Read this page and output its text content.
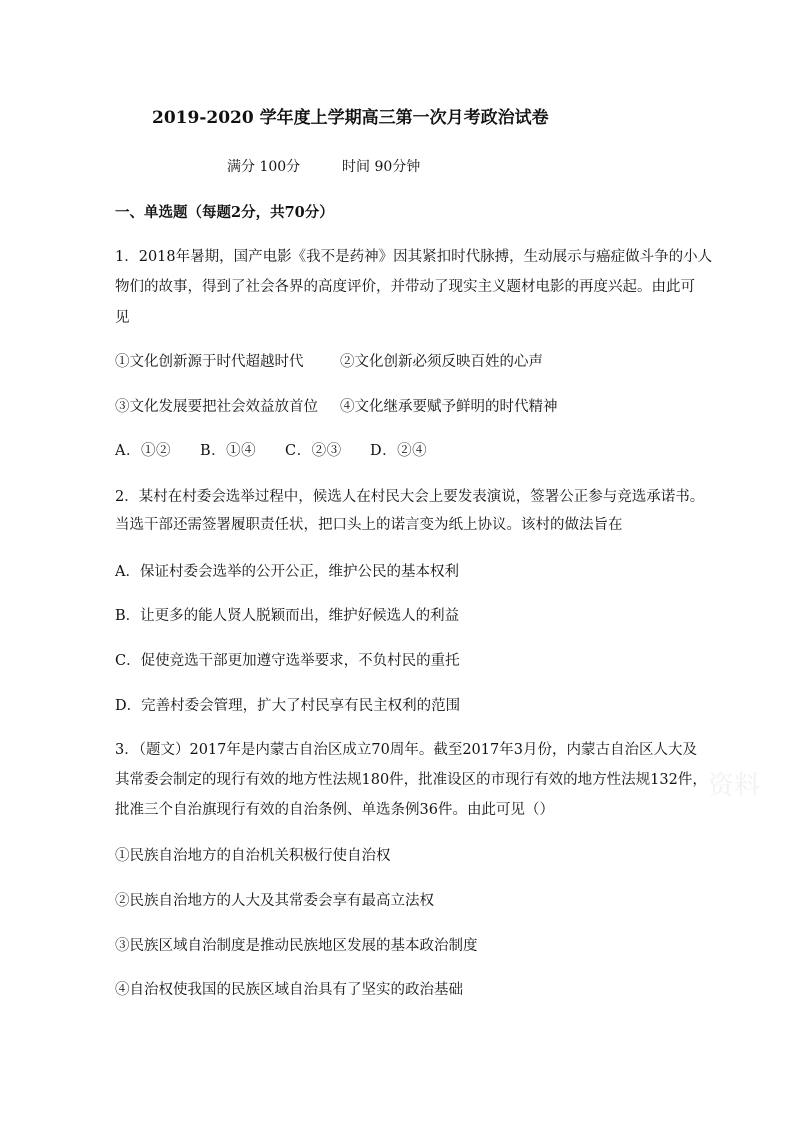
2019-2020 学年度上学期高三第一次月考政治试卷
满分 100分	时间 90分钟
一、单选题（每题2分，共70分）
1．2018年暑期，国产电影《我不是药神》因其紧扣时代脉搏，生动展示与癌症做斗争的小人
物们的故事，得到了社会各界的高度评价，并带动了现实主义题材电影的再度兴起。由此可
见
①文化创新源于时代超越时代	②文化创新必须反映百姓的心声
③文化发展要把社会效益放首位 ④文化继承要赋予鲜明的时代精神
A．①② B．①④ C．②③ D．②④
2．某村在村委会选举过程中，候选人在村民大会上要发表演说，签署公正参与竞选承诺书。
当选干部还需签署履职责任状，把口头上的诺言变为纸上协议。该村的做法旨在
A．保证村委会选举的公开公正，维护公民的基本权利
B．让更多的能人贤人脱颖而出，维护好候选人的利益
C．促使竞选干部更加遵守选举要求，不负村民的重托
D．完善村委会管理，扩大了村民享有民主权利的范围
3．（题文）2017年是内蒙古自治区成立70周年。截至2017年3月份，内蒙古自治区人大及
其常委会制定的现行有效的地方性法规180件，批准设区的市现行有效的地方性法规132件，
批准三个自治旗现行有效的自治条例、单选条例36件。由此可见（）
①民族自治地方的自治机关积极行使自治权
②民族自治地方的人大及其常委会享有最高立法权
③民族区域自治制度是推动民族地区发展的基本政治制度
④自治权使我国的民族区域自治具有了坚实的政治基础
资料
